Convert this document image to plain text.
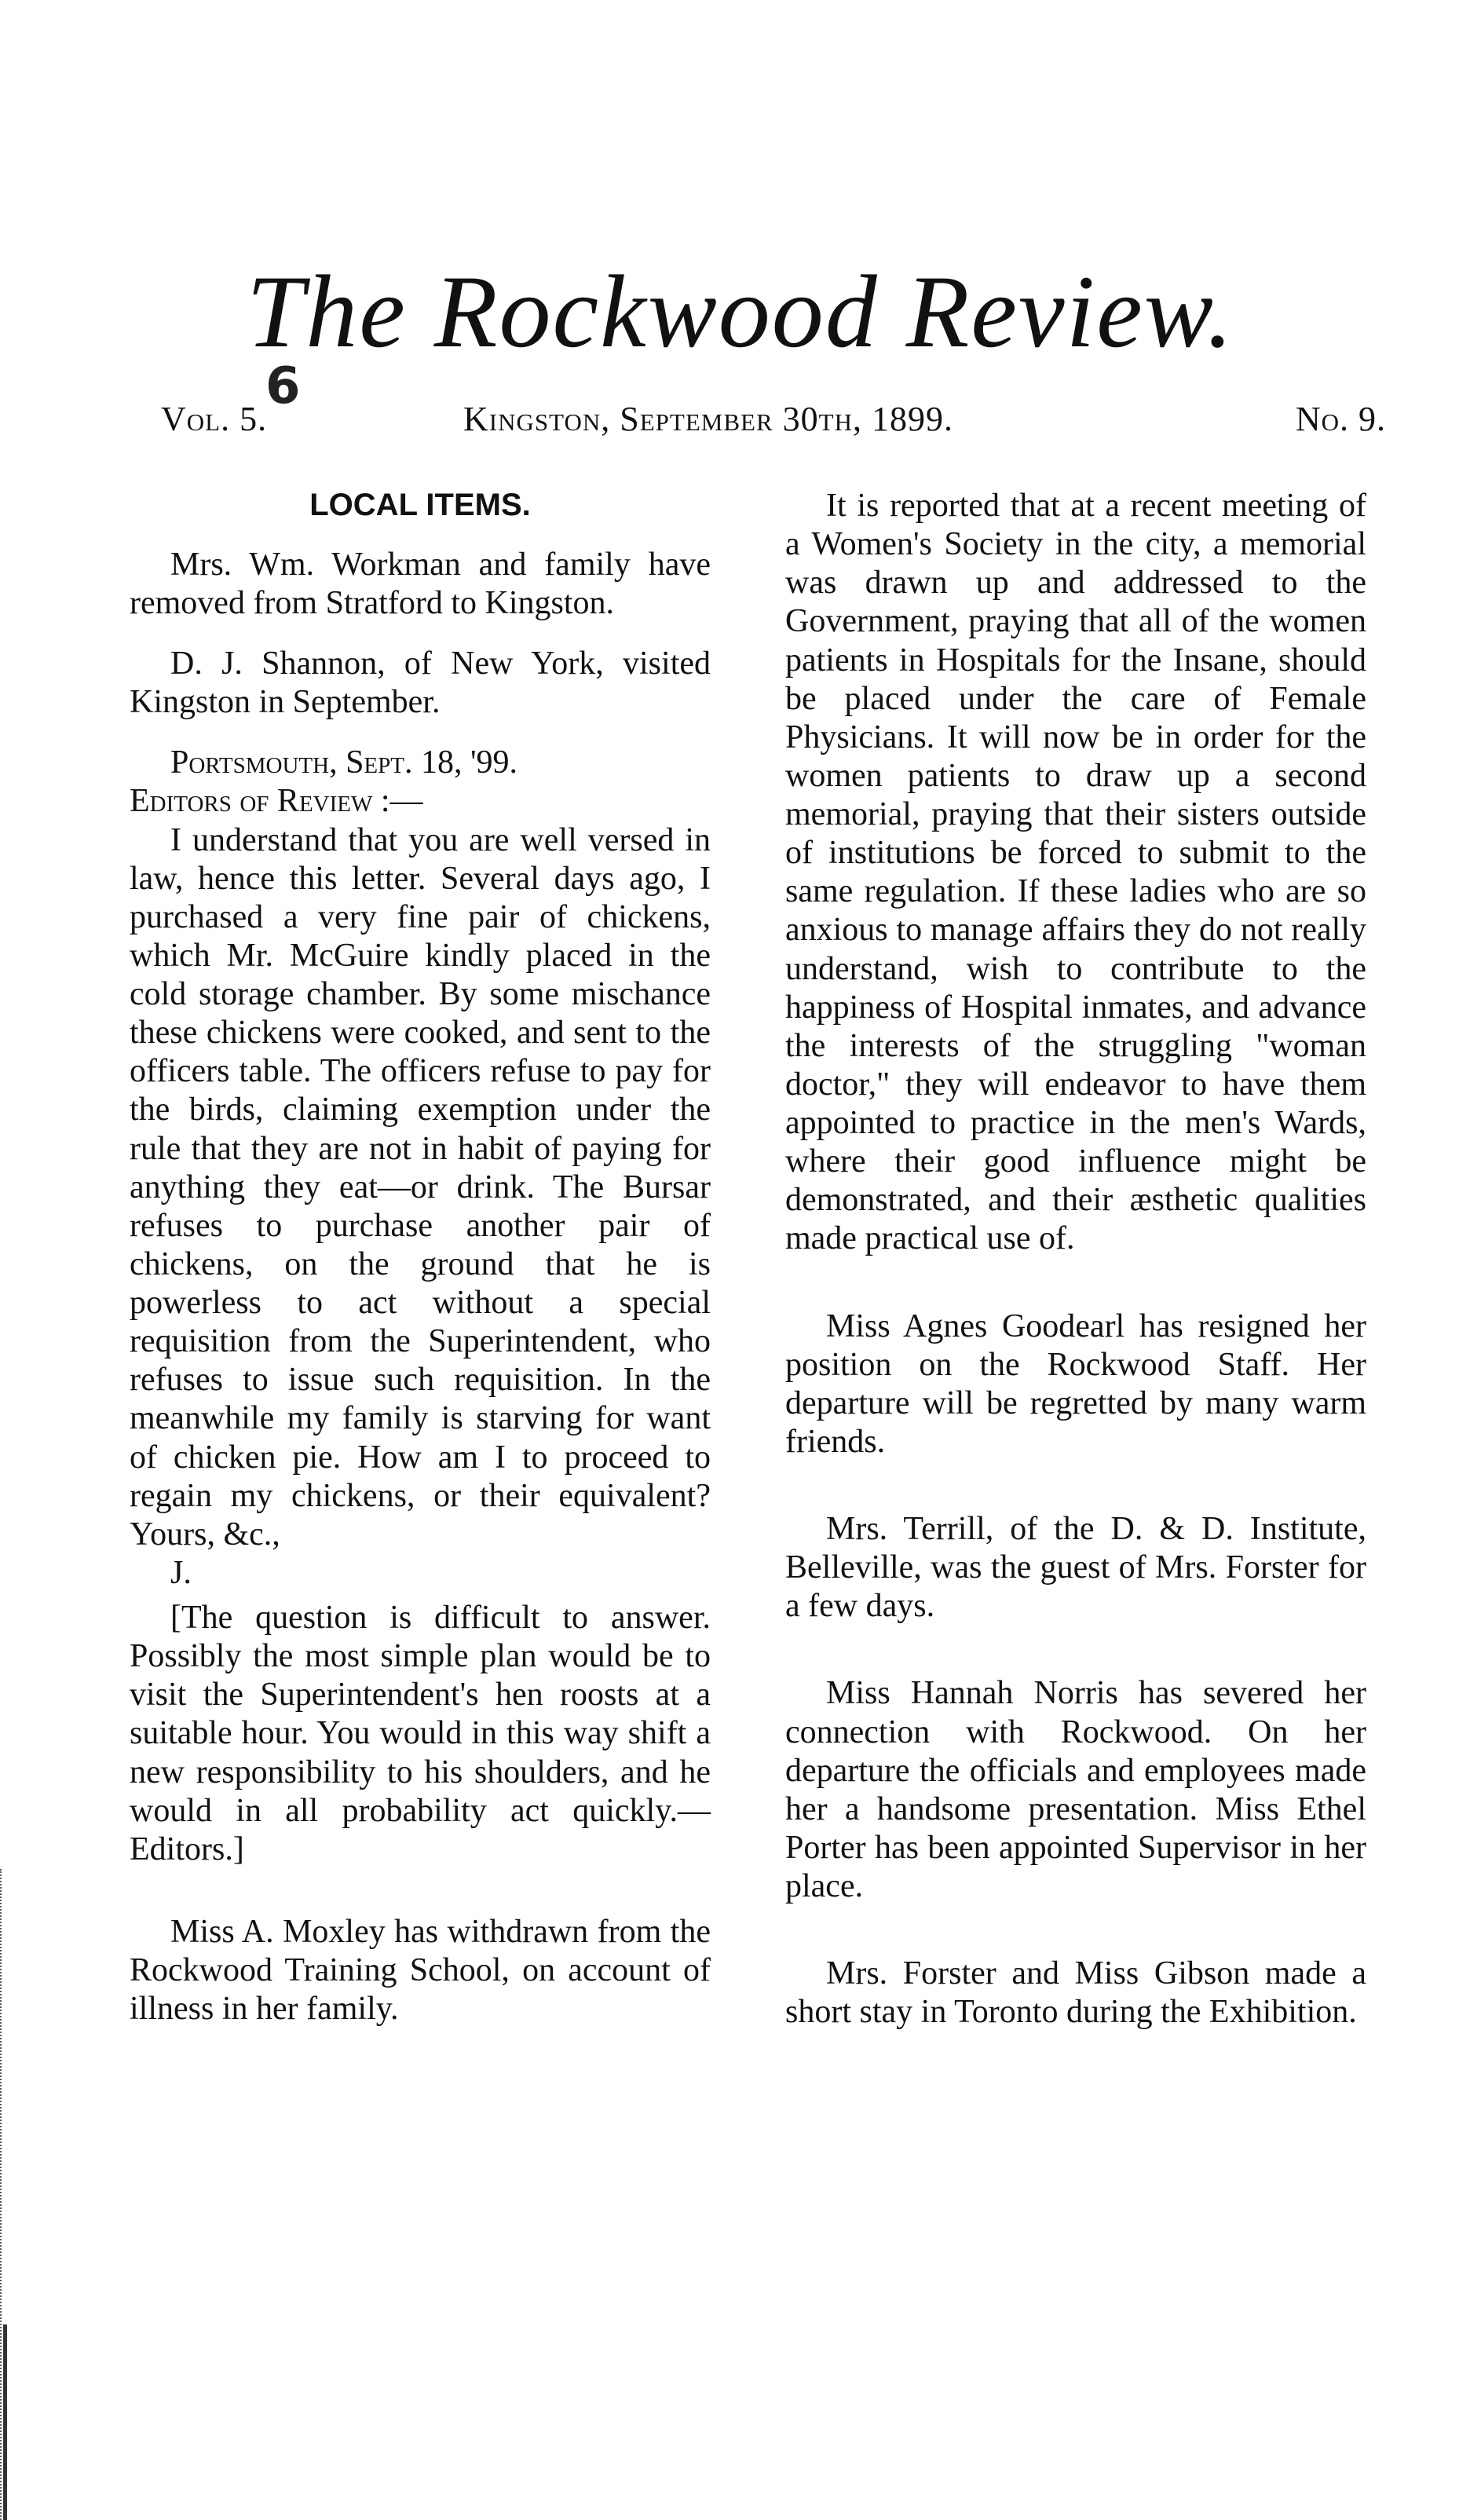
The Rockwood Review.
6
Vol. 5.	Kingston, September 30th, 1899.	No. 9.
LOCAL ITEMS.

Mrs. Wm. Workman and family have removed from Stratford to Kingston.

D. J. Shannon, of New York, visited Kingston in September.

Portsmouth, Sept. 18, '99.

Editors of Review :—

I understand that you are well versed in law, hence this letter. Several days ago, I purchased a very fine pair of chickens, which Mr. McGuire kindly placed in the cold storage chamber. By some mischance these chickens were cooked, and sent to the officers table. The officers refuse to pay for the birds, claiming exemption under the rule that they are not in habit of paying for anything they eat—or drink. The Bursar refuses to purchase another pair of chickens, on the ground that he is powerless to act without a special requisition from the Superintendent, who refuses to issue such requisition. In the meanwhile my family is starving for want of chicken pie. How am I to proceed to regain my chickens, or their equivalent? Yours, &c.,

J.

[The question is difficult to answer. Possibly the most simple plan would be to visit the Superintendent's hen roosts at a suitable hour. You would in this way shift a new responsibility to his shoulders, and he would in all probability act quickly.—Editors.]

Miss A. Moxley has withdrawn from the Rockwood Training School, on account of illness in her family.

It is reported that at a recent meeting of a Women's Society in the city, a memorial was drawn up and addressed to the Government, praying that all of the women patients in Hospitals for the Insane, should be placed under the care of Female Physicians. It will now be in order for the women patients to draw up a second memorial, praying that their sisters outside of institutions be forced to submit to the same regulation. If these ladies who are so anxious to manage affairs they do not really understand, wish to contribute to the happiness of Hospital inmates, and advance the interests of the struggling "woman doctor," they will endeavor to have them appointed to practice in the men's Wards, where their good influence might be demonstrated, and their æsthetic qualities made practical use of.

Miss Agnes Goodearl has resigned her position on the Rockwood Staff. Her departure will be regretted by many warm friends.

Mrs. Terrill, of the D. & D. Institute, Belleville, was the guest of Mrs. Forster for a few days.

Miss Hannah Norris has severed her connection with Rockwood. On her departure the officials and employees made her a handsome presentation. Miss Ethel Porter has been appointed Supervisor in her place.

Mrs. Forster and Miss Gibson made a short stay in Toronto during the Exhibition.
